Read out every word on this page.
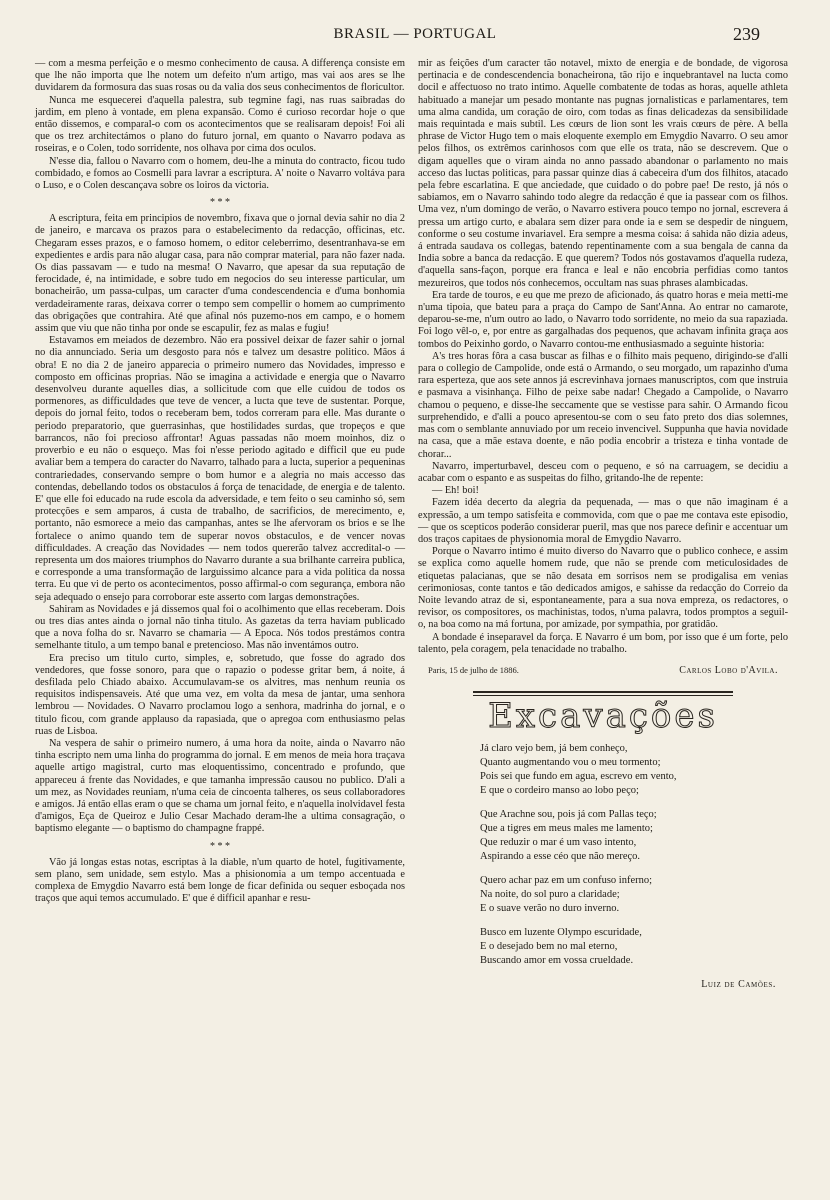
BRASIL — PORTUGAL	239

— com a mesma perfeição e o mesmo conhecimento de causa. A differença consiste em que lhe não importa que lhe notem um defeito n'um artigo, mas vai aos ares se lhe duvidarem da formosura das suas rosas ou da valia dos seus conhecimentos de floricultor.

Nunca me esquecerei d'aquella palestra, sub tegmine fagi, nas ruas saibradas do jardim, em pleno à vontade, em plena expansão. Como é curioso recordar hoje o que então dissemos, e comparal-o com os acontecimentos que se realisaram depois! Foi ali que os trez architectámos o plano do futuro jornal, em quanto o Navarro podava as roseiras, e o Colen, todo sorridente, nos olhava por cima dos oculos.

N'esse dia, fallou o Navarro com o homem, deu-lhe a minuta do contracto, ficou tudo combidado, e fomos ao Cosmelli para lavrar a escriptura. A' noite o Navarro voltáva para o Luso, e o Colen descançava sobre os loiros da victoria.

* * *

A escriptura, feita em principios de novembro, fixava que o jornal devia sahir no dia 2 de janeiro, e marcava os prazos para o estabelecimento da redacção, officinas, etc. Chegaram esses prazos, e o famoso homem, o editor celeberrimo, desentranhava-se em expedientes e ardis para não alugar casa, para não comprar material, para não fazer nada. Os dias passavam — e tudo na mesma! O Navarro, que apesar da sua reputação de ferocidade, é, na intimidade, e sobre tudo em negocios do seu interesse particular, um bonacheirão, um passa-culpas, um caracter d'uma condescendencia e d'uma bonhomia verdadeiramente raras, deixava correr o tempo sem compellir o homem ao cumprimento das obrigações que contrahira. Até que afinal nós puzemo-nos em campo, e o homem assim que viu que não tinha por onde se escapulir, fez as malas e fugiu!

Estavamos em meiados de dezembro. Não era possivel deixar de fazer sahir o jornal no dia annunciado. Seria um desgosto para nós e talvez um desastre politico. Mãos á obra! E no dia 2 de janeiro apparecia o primeiro numero das Novidades, impresso e composto em officinas proprias. Não se imagina a actividade e energia que o Navarro desenvolveu durante aquelles dias, a sollicitude com que elle cuidou de todos os pormenores, as difficuldades que teve de vencer, a lucta que teve de sustentar. Porque, depois do jornal feito, todos o receberam bem, todos correram para elle. Mas durante o periodo preparatorio, que guerrasinhas, que hostilidades surdas, que tropeços e que barrancos, não foi precioso affrontar! Aguas passadas não moem moinhos, diz o proverbio e eu não o esqueço. Mas foi n'esse periodo agitado e difficil que eu pude avaliar bem a tempera do caracter do Navarro, talhado para a lucta, superior a pequeninas contrariedades, conservando sempre o bom humor e a alegria no mais accesso das contendas, debellando todos os obstaculos á força de tenacidade, de energia e de talento. E' que elle foi educado na rude escola da adversidade, e tem feito o seu caminho só, sem protecções e sem amparos, á custa de trabalho, de sacrificios, de merecimento, e, portanto, não esmorece a meio das campanhas, antes se lhe afervoram os brios e se lhe fortalece o animo quando tem de superar novos obstaculos, e de vencer novas difficuldades. A creação das Novidades — nem todos quererão talvez accredital-o — representa um dos maiores triumphos do Navarro durante a sua brilhante carreira publica, e corresponde a uma transformação de larguissimo alcance para a vida politica da nossa terra. Eu que vi de perto os acontecimentos, posso affirmal-o com segurança, embora não seja adequado o ensejo para corroborar este asserto com largas demonstrações.

Sahiram as Novidades e já dissemos qual foi o acolhimento que ellas receberam. Dois ou tres dias antes ainda o jornal não tinha titulo. As gazetas da terra haviam publicado que a nova folha do sr. Navarro se chamaria — A Epoca. Nós todos prestámos contra semelhante titulo, a um tempo banal e pretencioso. Mas não inventámos outro.

Era preciso um titulo curto, simples, e, sobretudo, que fosse do agrado dos vendedores, que fosse sonoro, para que o rapazio o podesse gritar bem, á noite, á desfilada pelo Chiado abaixo. Accumulavam-se os alvitres, mas nenhum reunia os requisitos indispensaveis. Até que uma vez, em volta da mesa de jantar, uma senhora lembrou — Novidades. O Navarro proclamou logo a senhora, madrinha do jornal, e o titulo ficou, com grande applauso da rapasiada, que o apregoa com enthusiasmo pelas ruas de Lisboa.

Na vespera de sahir o primeiro numero, á uma hora da noite, ainda o Navarro não tinha escripto nem uma linha do programma do jornal. E em menos de meia hora traçava aquelle artigo magistral, curto mas eloquentissimo, concentrado e profundo, que appareceu á frente das Novidades, e que tamanha impressão causou no publico. D'ali a um mez, as Novidades reuniam, n'uma ceia de cincoenta talheres, os seus collaboradores e amigos. Já então ellas eram o que se chama um jornal feito, e n'aquella inolvidavel festa d'amigos, Eça de Queiroz e Julio Cesar Machado deram-lhe a ultima consagração, o baptismo elegante — o baptismo do champagne frappé.

* * *

Vão já longas estas notas, escriptas à la diable, n'um quarto de hotel, fugitivamente, sem plano, sem unidade, sem estylo. Mas a phisionomia a um tempo accentuada e complexa de Emygdio Navarro está bem longe de ficar definida ou sequer esboçada nos traços que aqui temos accumulado. E' que é difficil apanhar e resu-

mir as feições d'um caracter tão notavel, mixto de energia e de bondade, de vigorosa pertinacia e de condescendencia bonacheirona, tão rijo e inquebrantavel na lucta como docil e affectuoso no trato intimo. Aquelle combatente de todas as horas, aquelle athleta habituado a manejar um pesado montante nas pugnas jornalisticas e parlamentares, tem uma alma candida, um coração de oiro, com todas as finas delicadezas da sensibilidade mais requintada e mais subtil. Les cœurs de lion sont les vrais cœurs de père. A bella phrase de Victor Hugo tem o mais eloquente exemplo em Emygdio Navarro. O seu amor pelos filhos, os extrêmos carinhosos com que elle os trata, não se descrevem. Que o digam aquelles que o viram ainda no anno passado abandonar o parlamento no mais acceso das luctas politicas, para passar quinze dias á cabeceira d'um dos filhitos, atacado pela febre escarlatina. E que anciedade, que cuidado o do pobre pae! De resto, já nós o sabiamos, em o Navarro sahindo todo alegre da redacção é que ia passear com os filhos. Uma vez, n'um domingo de verão, o Navarro estivera pouco tempo no jornal, escrevera á pressa um artigo curto, e abalara sem dizer para onde ia e sem se despedir de ninguem, conforme o seu costume invariavel. Era sempre a mesma coisa: á sahida não dizia adeus, á entrada saudava os collegas, batendo repentinamente com a sua bengala de canna da India sobre a banca da redacção. E que querem? Todos nós gostavamos d'aquella rudeza, d'aquella sans-façon, porque era franca e leal e não encobria perfidias como tantos mezureiros, que todos nós conhecemos, occultam nas suas phrases alambicadas.

Era tarde de touros, e eu que me prezo de aficionado, ás quatro horas e meia metti-me n'uma tipoia, que bateu para a praça do Campo de Sant'Anna. Ao entrar no camarote, deparou-se-me, n'um outro ao lado, o Navarro todo sorridente, no meio da sua rapaziada. Foi logo vêl-o, e, por entre as gargalhadas dos pequenos, que achavam infinita graça aos tombos do Peixinho gordo, o Navarro contou-me enthusiasmado a seguinte historia:

A's tres horas fôra a casa buscar as filhas e o filhito mais pequeno, dirigindo-se d'alli para o collegio de Campolide, onde está o Armando, o seu morgado, um rapazinho d'uma rara esperteza, que aos sete annos já escrevinhava jornaes manuscriptos, com que instruia e pasmava a visinhança. Filho de peixe sabe nadar! Chegado a Campolide, o Navarro chamou o pequeno, e disse-lhe seccamente que se vestisse para sahir. O Armando ficou surprehendido, e d'alli a pouco apresentou-se com o seu fato preto dos dias solemnes, mas com o semblante annuviado por um receio invencivel. Suppunha que havia novidade na casa, que a mãe estava doente, e não podia encobrir a tristeza e tinha vontade de chorar...

Navarro, imperturbavel, desceu com o pequeno, e só na carruagem, se decidiu a acabar com o espanto e as suspeitas do filho, gritando-lhe de repente:

— Eh! boi!

Fazem idéa decerto da alegria da pequenada, — mas o que não imaginam é a expressão, a um tempo satisfeita e commovida, com que o pae me contava este episodio, — que os scepticos poderão considerar pueril, mas que nos parece definir e accentuar um dos traços capitaes de physionomia moral de Emygdio Navarro.

Porque o Navarro intimo é muito diverso do Navarro que o publico conhece, e assim se explica como aquelle homem rude, que não se prende com meticulosidades de etiquetas palacianas, que se não desata em sorrisos nem se prodigalisa em venias cerimoniosas, conte tantos e tão dedicados amigos, e sahisse da redacção do Correio da Noite levando atraz de si, espontaneamente, para a sua nova empreza, os redactores, o revisor, os compositores, os machinistas, todos, n'uma palavra, todos promptos a seguil-o, na boa como na má fortuna, por amizade, por sympathia, por gratidão.

A bondade é inseparavel da força. E Navarro é um bom, por isso que é um forte, pelo talento, pela coragem, pela tenacidade no trabalho.

Paris, 15 de julho de 1886.	Carlos Lobo d'Avila.
Excavações
Já claro vejo bem, já bem conheço,
Quanto augmentando vou o meu tormento;
Pois sei que fundo em agua, escrevo em vento,
E que o cordeiro manso ao lobo peço;
Que Arachne sou, pois já com Pallas teço;
Que a tigres em meus males me lamento;
Que reduzir o mar é um vaso intento,
Aspirando a esse céo que não mereço.
Quero achar paz em um confuso inferno;
Na noite, do sol puro a claridade;
E o suave verão no duro inverno.
Busco em luzente Olympo escuridade,
E o desejado bem no mal eterno,
Buscando amor em vossa crueldade.
Luiz de Camões.
